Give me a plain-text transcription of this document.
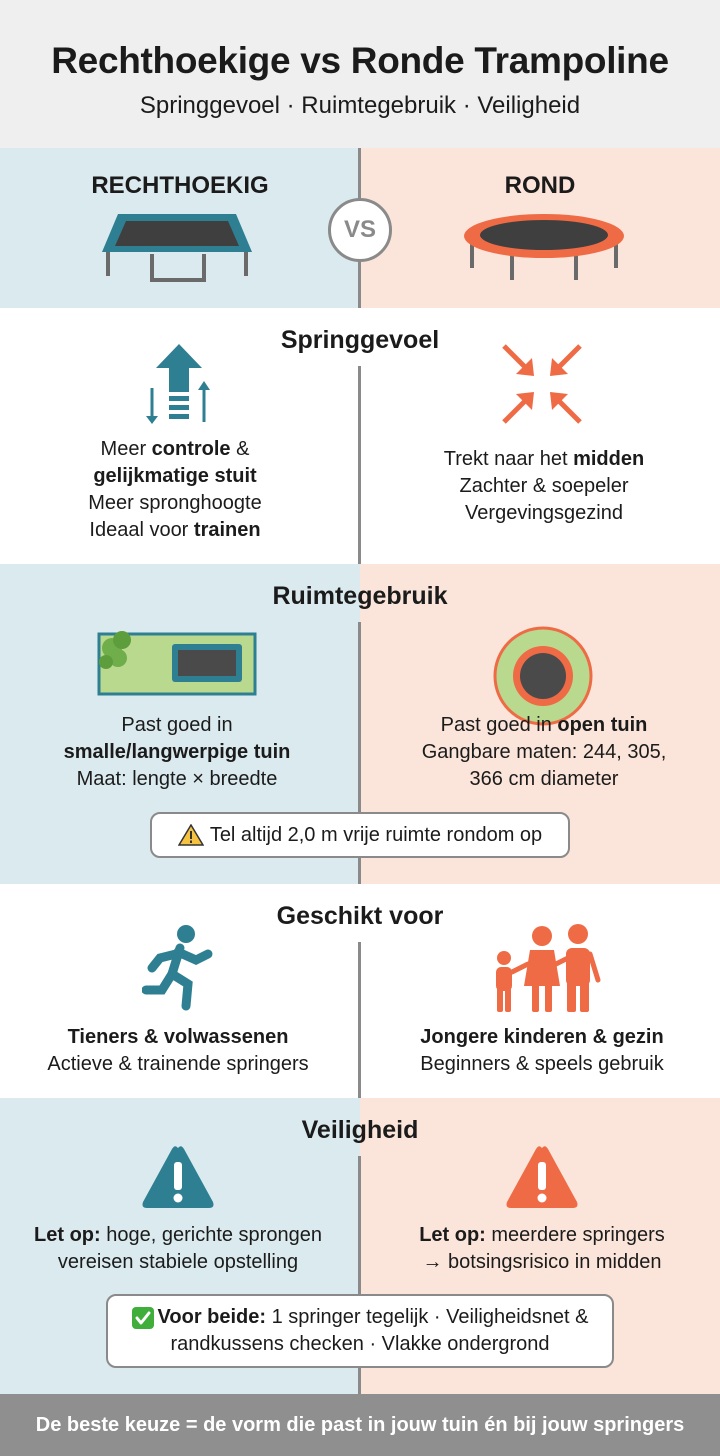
Rechthoekige vs Ronde Trampoline
Springgevoel · Ruimtegebruik · Veiligheid
RECHTHOEKIG	ROND
VS
Springgevoel
Meer controle &
gelijkmatige stuit
Meer spronghoogte
Ideaal voor trainen
Trekt naar het midden
Zachter & soepeler
Vergevingsgezind
Ruimtegebruik
Past goed in
smalle/langwerpige tuin
Maat: lengte × breedte
Past goed in open tuin
Gangbare maten: 244, 305,
366 cm diameter
Tel altijd 2,0 m vrije ruimte rondom op
Geschikt voor
Tieners & volwassenen
Actieve & trainende springers
Jongere kinderen & gezin
Beginners & speels gebruik
Veiligheid
Let op: hoge, gerichte sprongen
vereisen stabiele opstelling
Let op: meerdere springers
→ botsingsrisico in midden
Voor beide: 1 springer tegelijk · Veiligheidsnet &
randkussens checken · Vlakke ondergrond
De beste keuze = de vorm die past in jouw tuin én bij jouw springers
